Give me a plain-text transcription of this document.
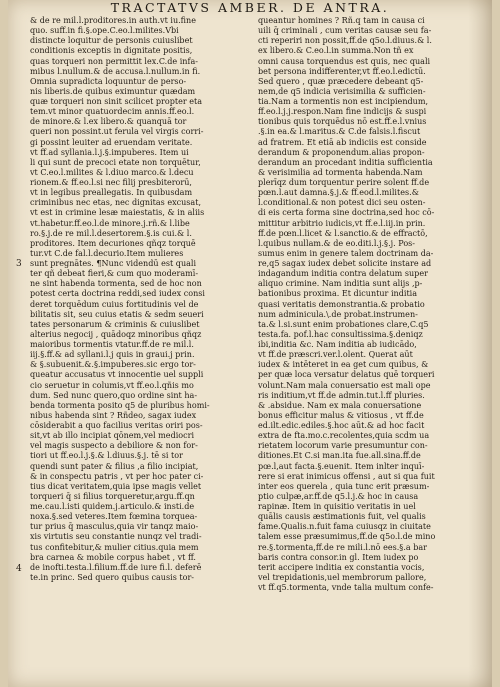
TRACTATVS AMBER. DE ANTRA.
& de re mil.l.proditores.in auth.vt iu.fine
quo. suff.in fi.§.ope.C.eo.l.milites.Vbi
distincte loquitur de personis cuiuslibet
conditionis exceptis in dignitate positis,
quas torqueri non permittit lex.C.de infa-
mibus l.nullum.& de accusa.l.nullum.in fi.
Omnia supradicta loquuntur de perso-
nis liberis.de quibus eximuntur quædam
quæ torqueri non sinit scilicet propter eta
tem.vt minor quatuordecim annis.ff.eo.l.
de minore.& l.ex libero.& quanquā tor
queri non possint.ut ferula vel virgis corri-
gi possint leuiter ad eruendam veritate.
vt ff.ad syllania.l.j.§.impuberes. Item ui
li qui sunt de precoci etate non torquētur,
vt C.eo.l.milites & l.diuo marco.& l.decu
rionem.& ff.eo.l.si nec filij presbiterorū,
vt in legibus preallegatis. In quibusdam
criminibus nec etas, nec dignitas excusat,
vt est in crimine lesæ maiestatis, & in aliis
vt.habetur.ff.eo.l.de minore.j.rñ.& l.libe
ro.§.j.de re mil.l.desertorem.§.is cui.& l.
proditores. Item decuriones qñqz torquē
tur.vt C.de fal.l.decurio.Item mulieres
sunt pregnātes. ¶Nunc videndū est quali
ter qñ debeat fieri,& cum quo moderamī-
ne sint habenda tormenta, sed de hoc non
potest certa doctrina reddi,sed iudex consi
deret torquēdum cuius fortitudinis vel de
bilitatis sit, seu cuius etatis & sedm seueri
tates personarum & criminis & cuiuslibet
alterius negocij , quādoqz minoribus qñqz
maioribus tormentis vtatur.ff.de re mil.l.
iij.§.ff.& ad syllani.l.j quis in graui.j prin.
& §.subuenit.&.§.impuberes.sic ergo tor-
queatur accusatus vt innocentie uel suppli
cio seruetur in columis,vt ff.eo.l.qñis mo
dum. Sed nunc quero,quo ordine sint ha-
benda tormenta posito q5 de pluribus homi-
nibus habenda sint ? Rñdeo, sagax iudex
cōsiderabit a quo facilius veritas oriri pos-
sit,vt ab illo incipiat qōnem,vel mediocri
vel magis suspecto a debiliore & non for-
tiori ut ff.eo.l.j.§.& l.diuus.§.j. tē si tor
quendi sunt pater & filius ,a filio incipiat,
& in conspectu patris , vt per hoc pater ci-
tius dicat veritatem,quia ipse magis vellet
torqueri q̄ si filius torqueretur,argu.ff.qn
me.cau.l.isti quidem.j.articulo.& insti.de
noxa.§.sed veteres.Item fœmina torquea-
tur prius q̄ masculus,quia vir tanqz maio-
xis virtutis seu constantie nunqz vel tradi-
tus confitebitur,& mulier citius.quia mem
bra carnea & mobile corpus habet , vt ff.
de inofti.testa.l.filium.ff.de iure fi.l. deferē
te.in princ. Sed quero quibus causis tor-
queantur homines ? Rñ.q tam in causa ci
uili q̄ criminali , cum veritas causæ seu fa-
cti reperiri non possit,ff.de q5o.l.diuus.& l.
ex libero.& C.eo.l.in summa.Non tñ ex
omni causa torquendus est quis, nec quali
bet persona indifferenter,vt ff.eo.l.edictū.
Sed quero , quæ præcedere debeant q5-
nem,de q5 indicia verisimilia & sufficien-
tia.Nam a tormentis non est incipiendum,
ff.eo.l.j.j.respon.Nam fine indicijs & suspi
tionibus quis torquēdus nō est.ff.e.l.vnius
.§.in ea.& l.maritus.& C.de falsis.l.fiscut
ad fratrem. Et etiā ab indiciis est conside
derandum & proponendum.alias propon-
derandum an procedant inditia sufficientia
& verisimilia ad tormenta habenda.Nam
plerīqz dum torquentur perire solent ff.de
pœn.l.aut damna.§.j.& ff.eod.l.milites.&
l.conditional.& non potest dici seu osten-
di eis certa forma sine doctrina,sed hoc cō-
mittitur arbitrio iudicis,vt ff.e.l.iij.in prin.
ff.de pœn.l.licet & l.sanctio.& de effractō,
l.quibus nullam.& de eo.diti.l.j.§.j. Pos-
sumus enim in genere talem doctrinam da-
re,q5 sagax iudex debet solicite instare ad
indagandum inditia contra delatum super
aliquo crimine. Nam inditia sunt alijs ,p-
bationibus proxima. Et dicuntur inditia
quasi veritatis demonstrantia.& probatio
num adminicula.\.de probat.instrumen-
ta.& l.si.sunt enim probationes clare,C.q5
testa.fa. pof.l.hac consultissima.§.deniqz
ibi,inditia &c. Nam inditia ab iudicādo,
vt ff.de præscri.ver.l.olent. Querat aūt
iudex & intēteret in ea get cum quibus, &
per quæ loca versatur delatus quē torqueri
volunt.Nam mala conuersatio est mali ope
ris inditium,vt ff.de admin.tut.l.ff pluries.
& .absidue. Nam ex mala conuersatione
bonus efficitur malus & vitiosus , vt ff.de
ed.ilt.edic.ediles.§.hoc aūt.& ad hoc facit
extra de fta.mo.c.recolentes,quia scdm ua
rietatem locorum varie presumuntur con-
ditiones.Et C.si man.ita fue.all.sina.ff.de
pœ.l,aut facta.§.euenit. Item inlter inquī-
rere si erat inimicus offensi , aut si qua fuit
inter eos querela , quia tunc erit præsum-
ptio culpæ,ar.ff.de q5.l.j.& hoc in causa
rapinæ. Item in quisitio veritatis in uel
quālis causis æstimationis fuit, vel qualis
fame.Qualis.n.fuit fama cuiusqz in ciuitate
talem esse præsumimus,ff.de q5o.l.de mino
re.§.tormenta,ff.de re mili.l.nō ees.§.a bar
baris contra consor.in gl. Item iudex po
terit accipere inditia ex constantia vocis,
vel trepidationis,uel membrorum pallore,
vt ff.q5.tormenta, vnde talia multum confe-
3
4
